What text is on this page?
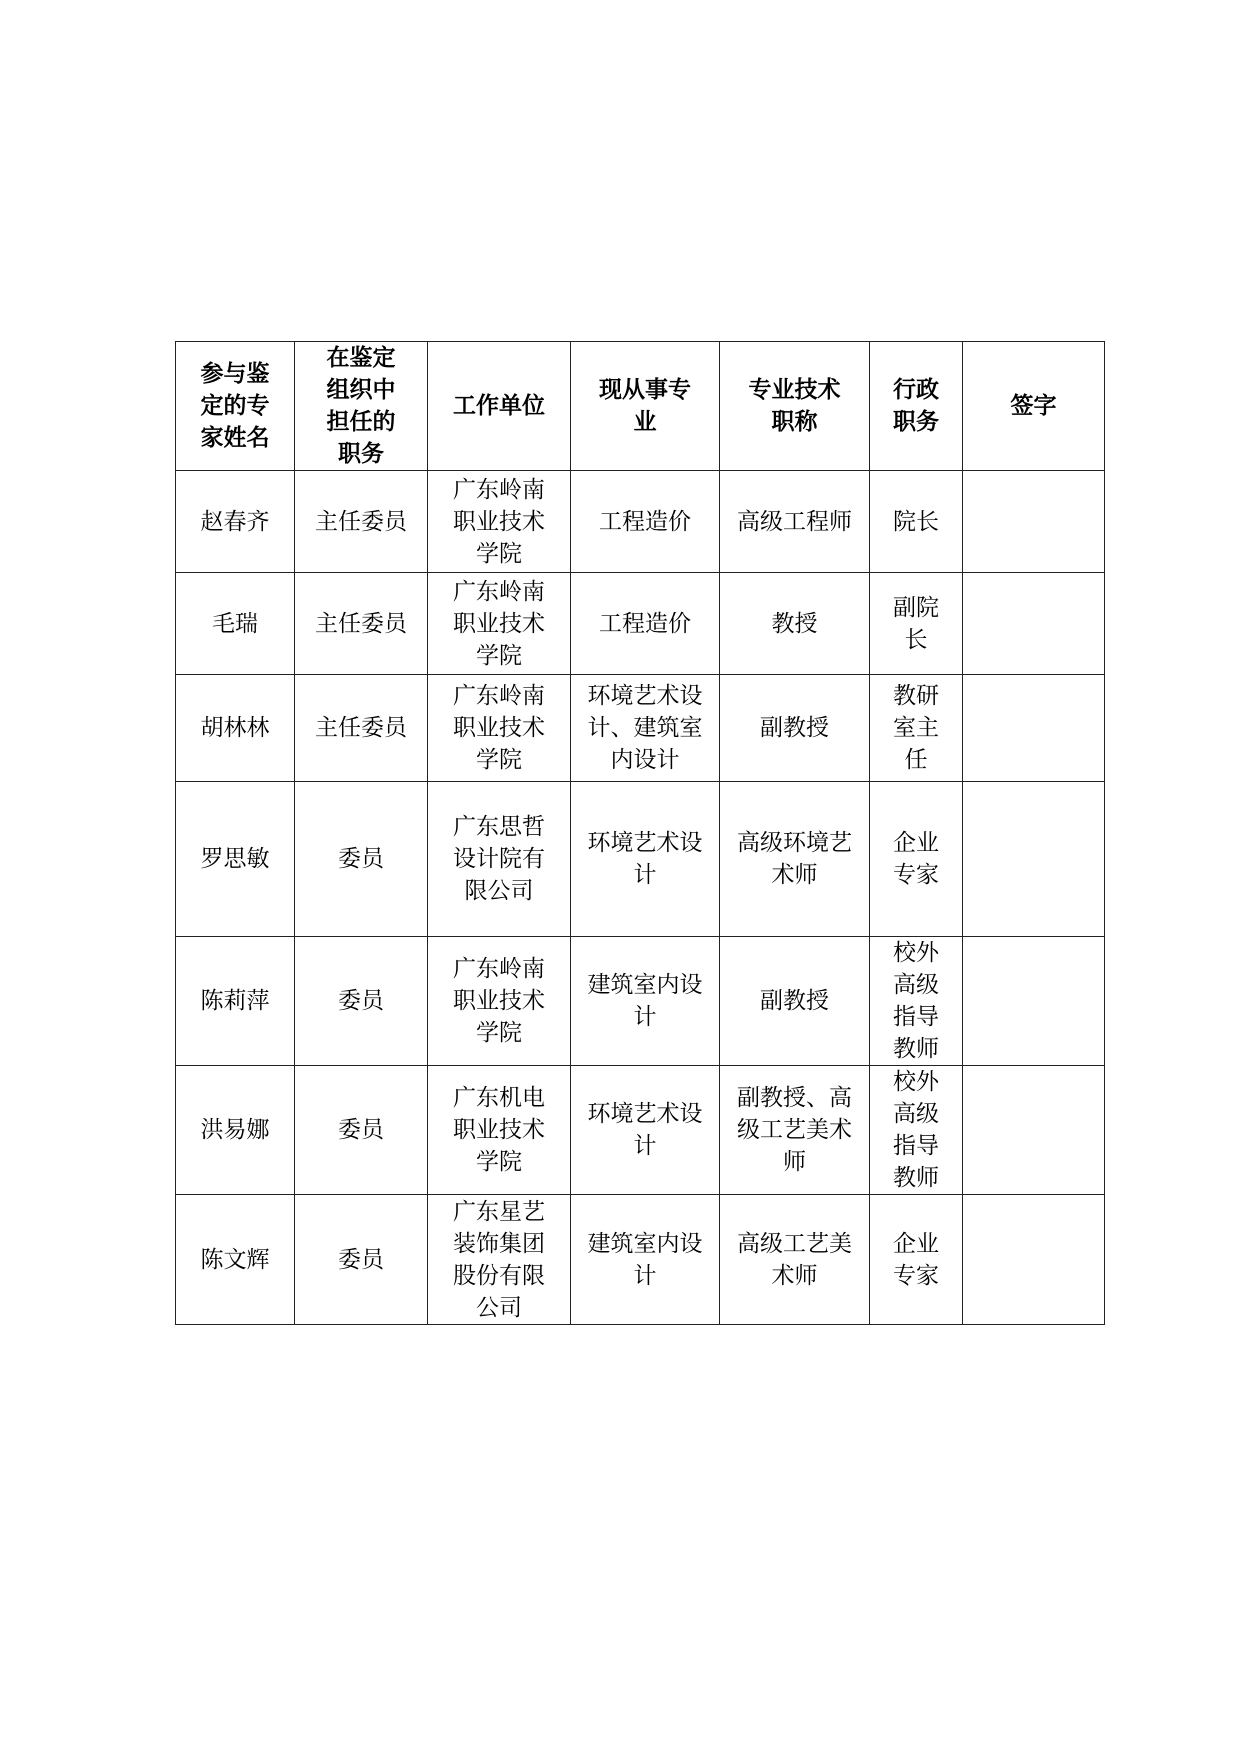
参与鉴定的专家姓名	在鉴定组织中担任的职务	工作单位	现从事专业	专业技术职称	行政职务	签字
赵春齐	主任委员	广东岭南职业技术学院	工程造价	高级工程师	院长	
毛瑞	主任委员	广东岭南职业技术学院	工程造价	教授	副院长	
胡林林	主任委员	广东岭南职业技术学院	环境艺术设计、建筑室内设计	副教授	教研室主任	
罗思敏	委员	广东思哲设计院有限公司	环境艺术设计	高级环境艺术师	企业专家	
陈莉萍	委员	广东岭南职业技术学院	建筑室内设计	副教授	校外高级指导教师	
洪易娜	委员	广东机电职业技术学院	环境艺术设计	副教授、高级工艺美术师	校外高级指导教师	
陈文辉	委员	广东星艺装饰集团股份有限公司	建筑室内设计	高级工艺美术师	企业专家	
